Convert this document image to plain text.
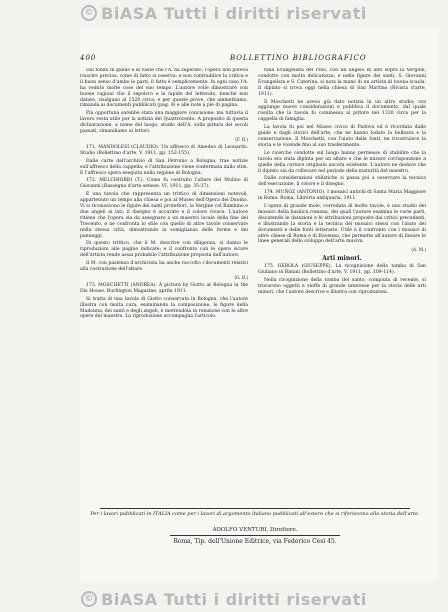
© BiASA Tutti i diritti riservati
400	BOLLETTINO BIBLIOGRAFICO

Dal fondo di quello e di vaste che l'A. ha superato, l'opera non poteva riuscire precisa, come di fatto si osserva: e non contraddice la critica e il buon senso d'ambo le parti, il fatto è semplicemente. In ogni caso l'A. ha veduto molte cose del suo tempo. L'autore volle dimostrare con buone ragioni che il sepolcro e la lapide del letterato, benchè non datate, risalgano al 1520 circa; e per queste prove, che ammettiamo, rimanda ai documenti pubblicati (pag. 9) e alle note a piè di pagina.

Più opportuna sarebbe stata una maggiore concisione: ma tuttavia il lavoro resta utile per la notizia del Quattrocento. A proposito di questa dichiarazione, a nome del luogo, studio dell'A. sulla pittura dei secoli passati, rimandiamo ai lettori.

(F. D.)

171. MANDOLESI (CLAUDIO). Un affresco di Amedeo di Leonardo. Studio (Bollettino d'arte, V, 1911, pp. 152-155).

Dalle carte dell'archivio di San Petronio a Bologna, trae notizie sull'affresco della cappella; e l'attribuzione viene confermata dallo stile. E l'affresco opera eseguita nella regione di Bologna.

172. MELCHIORRI (T.). Come fu costruito l'altare del Mulino di Giovanni (Rassegna d'arte senese, VI, 1911, pp. 35-37).

È una tavola che rappresenta un trittico di dimensioni notevoli, appartenuto un tempo alla chiesa e poi al Museo dell'Opera del Duomo. Vi si riconoscono le figure dei santi protettori, la Vergine col Bambino e due angeli ai lati; il disegno è accurato e il colore vivace. L'autore ritiene che l'opera sia da assegnare a un maestro locale della fine del Trecento, e ne confronta lo stile con quello di altre tavole conservate nella stessa città, dimostrando la somiglianza delle forme e dei panneggi.

Di questo trittico, che il M. descrive con diligenza, si danno le riproduzioni alle pagine indicate; e il confronto con le opere sicure dell'artista rende assai probabile l'attribuzione proposta dall'autore.

Il M. con pazienza d'archivista ha anche raccolto i documenti relativi alla costruzione dell'altare.

(G. B.)

173. MOSCHETTI (ANDREA). A picture by Giotto at Bologna in the Dix House. Burlington Magazine, aprile 1911.

Si tratta di una tavola di Giotto conservata in Bologna, che l'autore illustra con molta cura, esaminando la composizione, le figure della Madonna, dei santi e degli angeli, e mettendola in relazione con le altre opere del maestro. La riproduzione accompagna l'articolo.

tana Evangelista del Pino, con un angelo in alto sopra la Vergine, condotto con molta delicatezza; e nelle figure dei santi, S. Giovanni Evangelista e S. Caterina, si nota la mano di un artista di buona scuola. Il dipinto si trova oggi nella chiesa di San Martino (Rivista d'arte, 1911).

Il Moschetti ne aveva già dato notizia in un altro studio; ora aggiunge nuove considerazioni e pubblica il documento, dal quale risulta che la tavola fu commessa al pittore nel 1330 circa per la cappella di famiglia.

La tavola fu poi nel Museo civico di Padova ed è ricordata dalle guide e dagli storici dell'arte, che ne hanno lodato la bellezza e la conservazione. Il Moschetti, con l'aiuto delle fonti, ne ricostruisce la storia e le vicende fino al suo trasferimento.

Le ricerche condotte sul luogo hanno permesso di stabilire che la tavola era stata dipinta per un altare e che le misure corrispondono a quelle della cornice originale ancora esistente. L'autore ne deduce che il dipinto sia da collocare nel periodo della maturità del maestro.

Dalle considerazioni stilistiche si passa poi a osservare la tecnica dell'esecuzione, il colore e il disegno.

174. MUÑOZ (ANTONIO). I mosaici antichi di Santa Maria Maggiore in Roma. Roma, Libreria antiquaria, 1911.

L'opera di grande mole, corredata di molte tavole, è uno studio dei mosaici della basilica romana, dei quali l'autore esamina le varie parti, discutendo le datazioni e le attribuzioni proposte dai critici precedenti, e illustrando la storia e la tecnica dei mosaici stessi con l'aiuto dei documenti e delle fonti letterarie. Utile è il confronto con i mosaici di altre chiese di Roma e di Ravenna, che permette all'autore di fissare le linee generali dello sviluppo dell'arte musiva.

(A. M.)

Arti minori.

175. GEROLA (GIUSEPPE). La ricognizione della tomba di San Giuliano in Rimini (Bollettino d'arte, V, 1911, pp. 109-114).

Nella ricognizione della tomba del santo, compiuta di recente, si trovarono oggetti e stoffe di grande interesse per la storia delle arti minori, che l'autore descrive e illustra con riproduzioni.

Per i lavori pubblicati in ITALIA come per i lavori di argomento italiano pubblicati all'estero che si riferiscono alla storia dell'arte.
ADOLFO VENTURI, Direttore.
Roma, Tip. dell'Unione Editrice, via Federico Cesi 45.
© BiASA Tutti i diritti riservati
